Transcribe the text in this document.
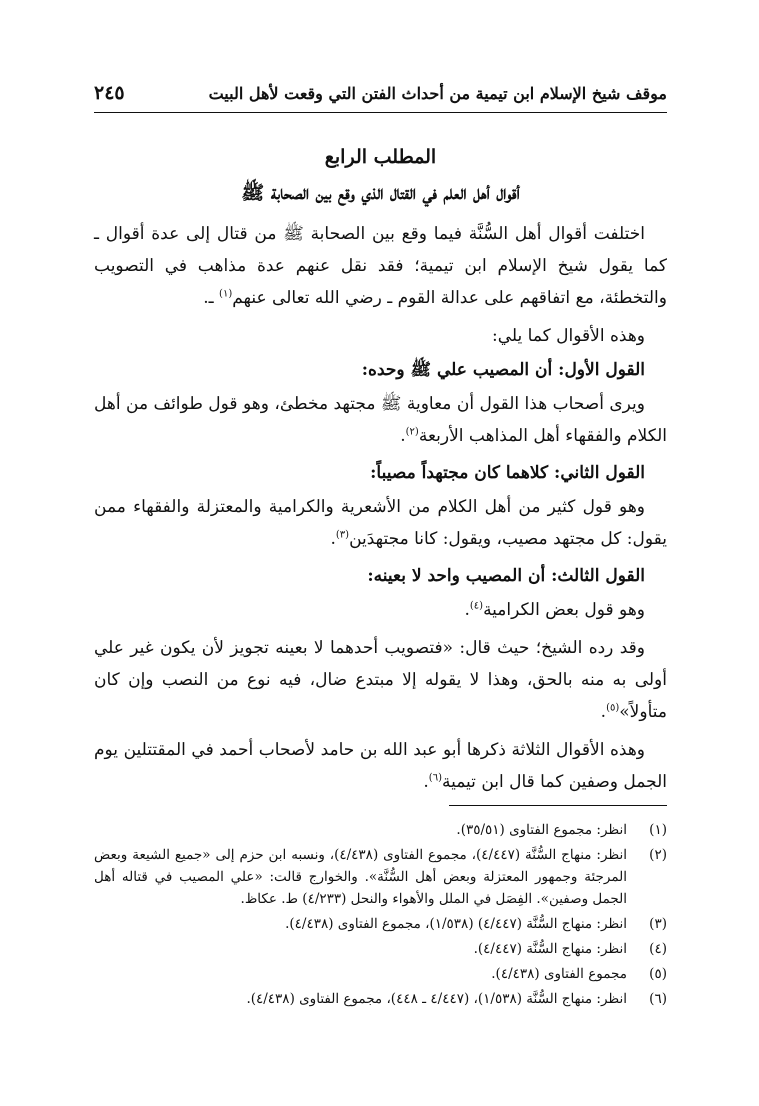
موقف شيخ الإسلام ابن تيمية من أحداث الفتن التي وقعت لأهل البيت
٢٤٥
المطلب الرابع
أقوال أهل العلم في القتال الذي وقع بين الصحابة ﷺ

اختلفت أقوال أهل السُّنَّة فيما وقع بين الصحابة ﷺ من قتال إلى عدة أقوال ـ كما يقول شيخ الإسلام ابن تيمية؛ فقد نقل عنهم عدة مذاهب في التصويب والتخطئة، مع اتفاقهم على عدالة القوم ـ رضي الله تعالى عنهم$^{(١)}$ ـ.

وهذه الأقوال كما يلي:

القول الأول: أن المصيب علي ﷺ وحده:

ويرى أصحاب هذا القول أن معاوية ﷺ مجتهد مخطئ، وهو قول طوائف من أهل الكلام والفقهاء أهل المذاهب الأربعة$^{(٢)}$.

القول الثاني: كلاهما كان مجتهداً مصيباً:

وهو قول كثير من أهل الكلام من الأشعرية والكرامية والمعتزلة والفقهاء ممن يقول: كل مجتهد مصيب، ويقول: كانا مجتهدَين$^{(٣)}$.

القول الثالث: أن المصيب واحد لا بعينه:

وهو قول بعض الكرامية$^{(٤)}$.

وقد رده الشيخ؛ حيث قال: «فتصويب أحدهما لا بعينه تجويز لأن يكون غير علي أولى به منه بالحق، وهذا لا يقوله إلا مبتدع ضال، فيه نوع من النصب وإن كان متأولاً»$^{(٥)}$.

وهذه الأقوال الثلاثة ذكرها أبو عبد الله بن حامد لأصحاب أحمد في المقتتلين يوم الجمل وصفين كما قال ابن تيمية$^{(٦)}$.

(١)
انظر: مجموع الفتاوى (٣٥/٥١).
(٢)
انظر: منهاج السُّنَّة (٤/٤٤٧)، مجموع الفتاوى (٤/٤٣٨)، ونسبه ابن حزم إلى «جميع الشيعة وبعض المرجئة وجمهور المعتزلة وبعض أهل السُّنَّة». والخوارج قالت: «علي المصيب في قتاله أهل الجمل وصفين». الفِصَل في الملل والأهواء والنحل (٤/٢٣٣) ط. عكاظ.
(٣)
انظر: منهاج السُّنَّة (٤/٤٤٧) (١/٥٣٨)، مجموع الفتاوى (٤/٤٣٨).
(٤)
انظر: منهاج السُّنَّة (٤/٤٤٧).
(٥)
مجموع الفتاوى (٤/٤٣٨).
(٦)
انظر: منهاج السُّنَّة (١/٥٣٨)، (٤/٤٤٧ ـ ٤٤٨)، مجموع الفتاوى (٤/٤٣٨).
